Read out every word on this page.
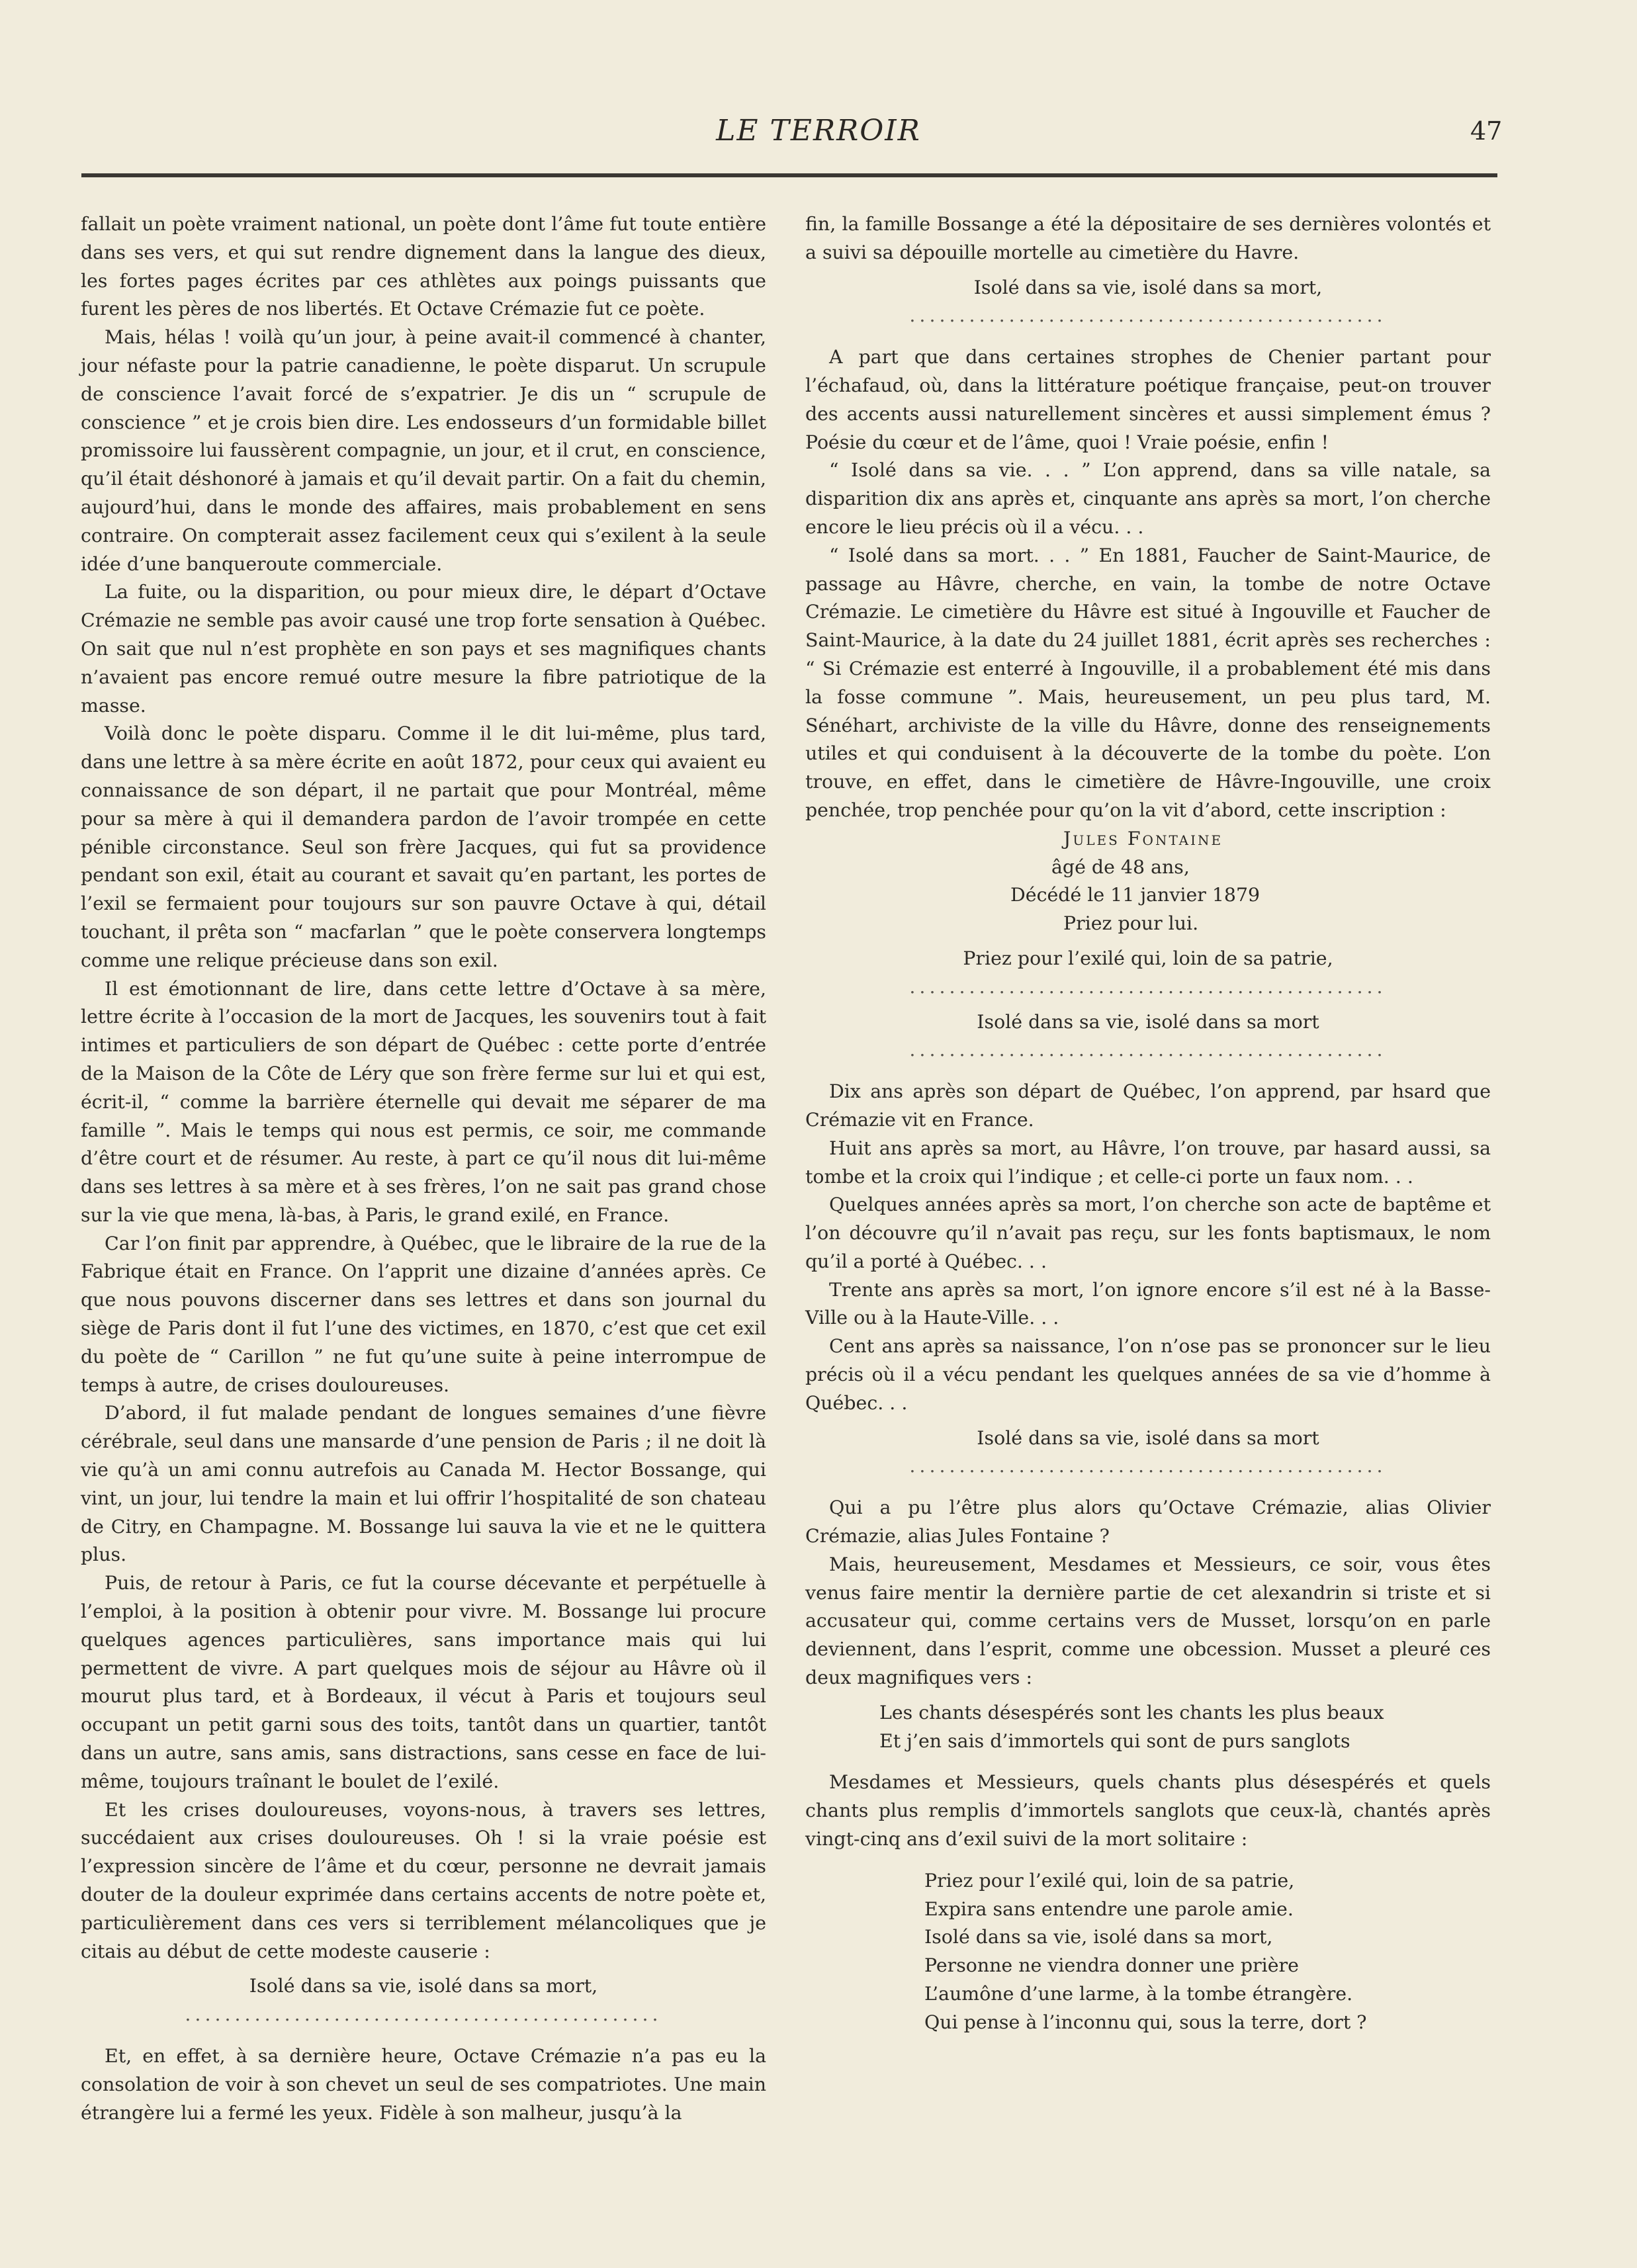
LE TERROIR	47

fallait un poète vraiment national, un poète dont l’âme fut toute entière dans ses vers, et qui sut rendre dignement dans la langue des dieux, les fortes pages écrites par ces athlètes aux poings puissants que furent les pères de nos libertés. Et Octave Crémazie fut ce poète.

Mais, hélas ! voilà qu’un jour, à peine avait-il commencé à chanter, jour néfaste pour la patrie canadienne, le poète disparut. Un scrupule de conscience l’avait forcé de s’expatrier. Je dis un “ scrupule de conscience ” et je crois bien dire. Les endosseurs d’un formidable billet promissoire lui faussèrent compagnie, un jour, et il crut, en conscience, qu’il était déshonoré à jamais et qu’il devait partir. On a fait du chemin, aujourd’hui, dans le monde des affaires, mais probablement en sens contraire. On compterait assez facilement ceux qui s’exilent à la seule idée d’une banqueroute commerciale.

La fuite, ou la disparition, ou pour mieux dire, le départ d’Octave Crémazie ne semble pas avoir causé une trop forte sensation à Québec. On sait que nul n’est prophète en son pays et ses magnifiques chants n’avaient pas encore remué outre mesure la fibre patriotique de la masse.

Voilà donc le poète disparu. Comme il le dit lui-même, plus tard, dans une lettre à sa mère écrite en août 1872, pour ceux qui avaient eu connaissance de son départ, il ne partait que pour Montréal, même pour sa mère à qui il demandera pardon de l’avoir trompée en cette pénible circonstance. Seul son frère Jacques, qui fut sa providence pendant son exil, était au courant et savait qu’en partant, les portes de l’exil se fermaient pour toujours sur son pauvre Octave à qui, détail touchant, il prêta son “ macfarlan ” que le poète conservera longtemps comme une relique précieuse dans son exil.

Il est émotionnant de lire, dans cette lettre d’Octave à sa mère, lettre écrite à l’occasion de la mort de Jacques, les souvenirs tout à fait intimes et particuliers de son départ de Québec : cette porte d’entrée de la Maison de la Côte de Léry que son frère ferme sur lui et qui est, écrit-il, “ comme la barrière éternelle qui devait me séparer de ma famille ”. Mais le temps qui nous est permis, ce soir, me commande d’être court et de résumer. Au reste, à part ce qu’il nous dit lui-même dans ses lettres à sa mère et à ses frères, l’on ne sait pas grand chose sur la vie que mena, là-bas, à Paris, le grand exilé, en France.

Car l’on finit par apprendre, à Québec, que le libraire de la rue de la Fabrique était en France. On l’apprit une dizaine d’années après. Ce que nous pouvons discerner dans ses lettres et dans son journal du siège de Paris dont il fut l’une des victimes, en 1870, c’est que cet exil du poète de “ Carillon ” ne fut qu’une suite à peine interrompue de temps à autre, de crises douloureuses.

D’abord, il fut malade pendant de longues semaines d’une fièvre cérébrale, seul dans une mansarde d’une pension de Paris ; il ne doit là vie qu’à un ami connu autrefois au Canada M. Hector Bossange, qui vint, un jour, lui tendre la main et lui offrir l’hospitalité de son chateau de Citry, en Champagne. M. Bossange lui sauva la vie et ne le quittera plus.

Puis, de retour à Paris, ce fut la course décevante et perpétuelle à l’emploi, à la position à obtenir pour vivre. M. Bossange lui procure quelques agences particulières, sans importance mais qui lui permettent de vivre. A part quelques mois de séjour au Hâvre où il mourut plus tard, et à Bordeaux, il vécut à Paris et toujours seul occupant un petit garni sous des toits, tantôt dans un quartier, tantôt dans un autre, sans amis, sans distractions, sans cesse en face de lui-même, toujours traînant le boulet de l’exilé.

Et les crises douloureuses, voyons-nous, à travers ses lettres, succédaient aux crises douloureuses. Oh ! si la vraie poésie est l’expression sincère de l’âme et du cœur, personne ne devrait jamais douter de la douleur exprimée dans certains accents de notre poète et, particulièrement dans ces vers si terriblement mélancoliques que je citais au début de cette modeste causerie :

Isolé dans sa vie, isolé dans sa mort,

................................................

Et, en effet, à sa dernière heure, Octave Crémazie n’a pas eu la consolation de voir à son chevet un seul de ses compatriotes. Une main étrangère lui a fermé les yeux. Fidèle à son malheur, jusqu’à la

fin, la famille Bossange a été la dépositaire de ses dernières volontés et a suivi sa dépouille mortelle au cimetière du Havre.

Isolé dans sa vie, isolé dans sa mort,

................................................

A part que dans certaines strophes de Chenier partant pour l’échafaud, où, dans la littérature poétique française, peut-on trouver des accents aussi naturellement sincères et aussi simplement émus ? Poésie du cœur et de l’âme, quoi ! Vraie poésie, enfin !

“ Isolé dans sa vie. . . ” L’on apprend, dans sa ville natale, sa disparition dix ans après et, cinquante ans après sa mort, l’on cherche encore le lieu précis où il a vécu. . .

“ Isolé dans sa mort. . . ” En 1881, Faucher de Saint-Maurice, de passage au Hâvre, cherche, en vain, la tombe de notre Octave Crémazie. Le cimetière du Hâvre est situé à Ingouville et Faucher de Saint-Maurice, à la date du 24 juillet 1881, écrit après ses recherches : “ Si Crémazie est enterré à Ingouville, il a probablement été mis dans la fosse commune ”. Mais, heureusement, un peu plus tard, M. Sénéhart, archiviste de la ville du Hâvre, donne des renseignements utiles et qui conduisent à la découverte de la tombe du poète. L’on trouve, en effet, dans le cimetière de Hâvre-Ingouville, une croix penchée, trop penchée pour qu’on la vit d’abord, cette inscription :

Jules Fontaine

âgé de 48 ans,

Décédé le 11 janvier 1879

Priez pour lui.

Priez pour l’exilé qui, loin de sa patrie,

................................................

Isolé dans sa vie, isolé dans sa mort

................................................

Dix ans après son départ de Québec, l’on apprend, par hsard que Crémazie vit en France.

Huit ans après sa mort, au Hâvre, l’on trouve, par hasard aussi, sa tombe et la croix qui l’indique ; et celle-ci porte un faux nom. . .

Quelques années après sa mort, l’on cherche son acte de baptême et l’on découvre qu’il n’avait pas reçu, sur les fonts baptismaux, le nom qu’il a porté à Québec. . .

Trente ans après sa mort, l’on ignore encore s’il est né à la Basse-Ville ou à la Haute-Ville. . .

Cent ans après sa naissance, l’on n’ose pas se prononcer sur le lieu précis où il a vécu pendant les quelques années de sa vie d’homme à Québec. . .

Isolé dans sa vie, isolé dans sa mort

................................................

Qui a pu l’être plus alors qu’Octave Crémazie, alias Olivier Crémazie, alias Jules Fontaine ?

Mais, heureusement, Mesdames et Messieurs, ce soir, vous êtes venus faire mentir la dernière partie de cet alexandrin si triste et si accusateur qui, comme certains vers de Musset, lorsqu’on en parle deviennent, dans l’esprit, comme une obcession. Musset a pleuré ces deux magnifiques vers :

Les chants désespérés sont les chants les plus beaux

Et j’en sais d’immortels qui sont de purs sanglots

Mesdames et Messieurs, quels chants plus désespérés et quels chants plus remplis d’immortels sanglots que ceux-là, chantés après vingt-cinq ans d’exil suivi de la mort solitaire :

Priez pour l’exilé qui, loin de sa patrie,

Expira sans entendre une parole amie.

Isolé dans sa vie, isolé dans sa mort,

Personne ne viendra donner une prière

L’aumône d’une larme, à la tombe étrangère.

Qui pense à l’inconnu qui, sous la terre, dort ?
